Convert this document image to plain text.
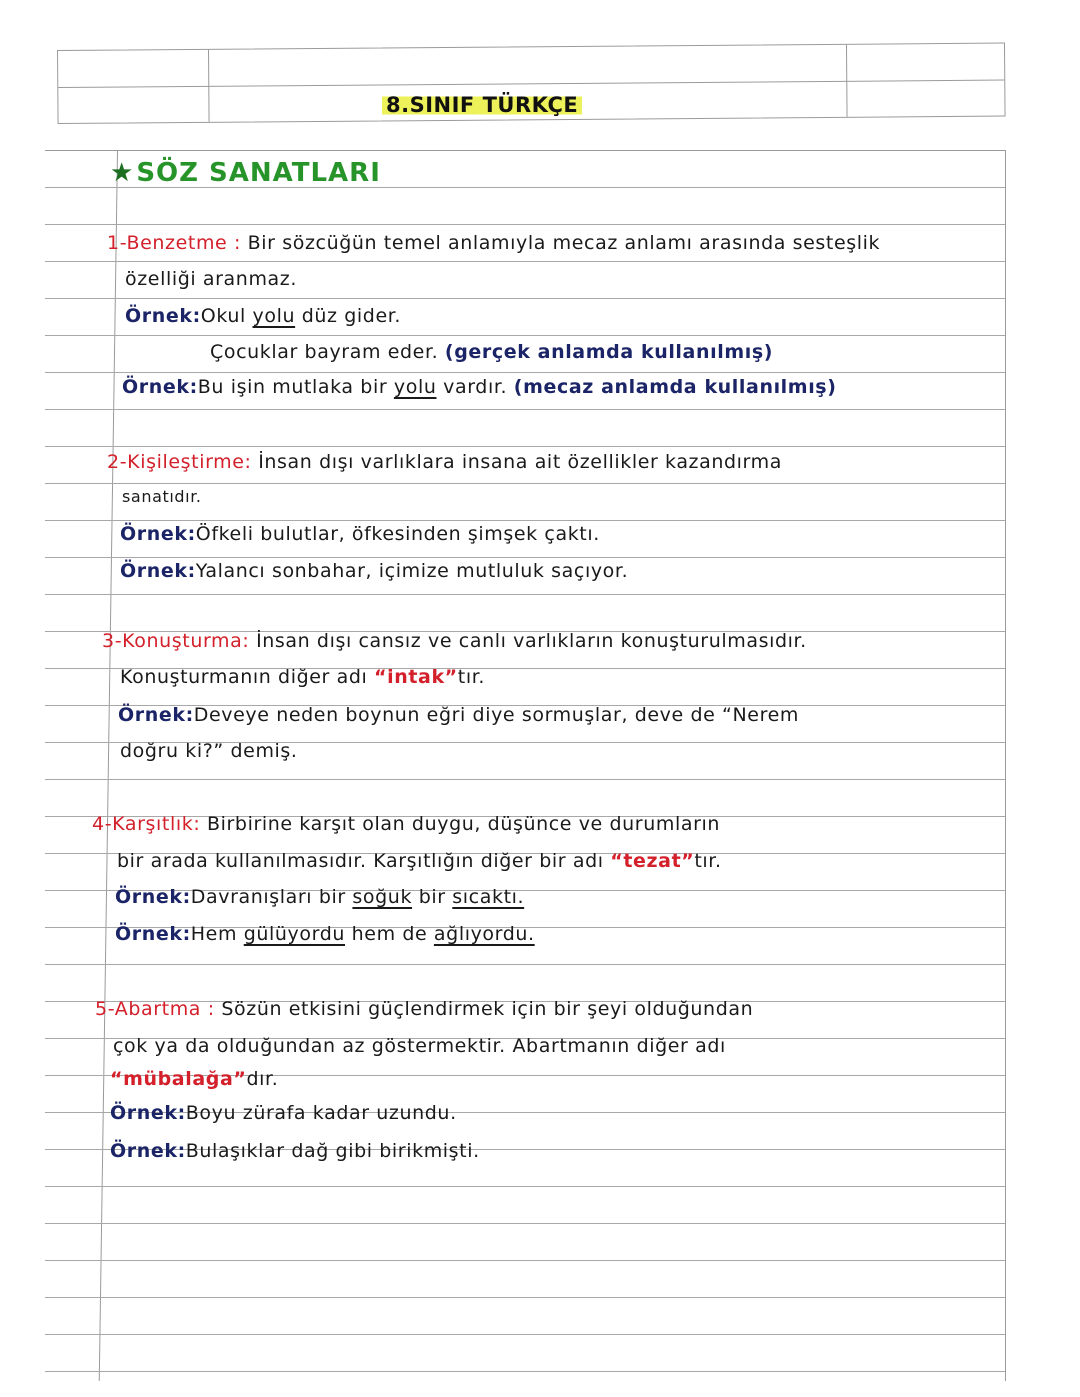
8.SINIF TÜRKÇE
★SÖZ SANATLARI
1-Benzetme : Bir sözcüğün temel anlamıyla mecaz anlamı arasında sesteşlik
özelliği aranmaz.
Örnek:Okul yolu düz gider.
Çocuklar bayram eder. (gerçek anlamda kullanılmış)
Örnek:Bu işin mutlaka bir yolu vardır. (mecaz anlamda kullanılmış)
2-Kişileştirme: İnsan dışı varlıklara insana ait özellikler kazandırma
sanatıdır.
Örnek:Öfkeli bulutlar, öfkesinden şimşek çaktı.
Örnek:Yalancı sonbahar, içimize mutluluk saçıyor.
3-Konuşturma: İnsan dışı cansız ve canlı varlıkların konuşturulmasıdır.
Konuşturmanın diğer adı “intak”tır.
Örnek:Deveye neden boynun eğri diye sormuşlar, deve de “Nerem
doğru ki?” demiş.
4-Karşıtlık: Birbirine karşıt olan duygu, düşünce ve durumların
bir arada kullanılmasıdır. Karşıtlığın diğer bir adı “tezat”tır.
Örnek:Davranışları bir soğuk bir sıcaktı.
Örnek:Hem gülüyordu hem de ağlıyordu.
5-Abartma : Sözün etkisini güçlendirmek için bir şeyi olduğundan
çok ya da olduğundan az göstermektir. Abartmanın diğer adı
“mübalağa”dır.
Örnek:Boyu zürafa kadar uzundu.
Örnek:Bulaşıklar dağ gibi birikmişti.
